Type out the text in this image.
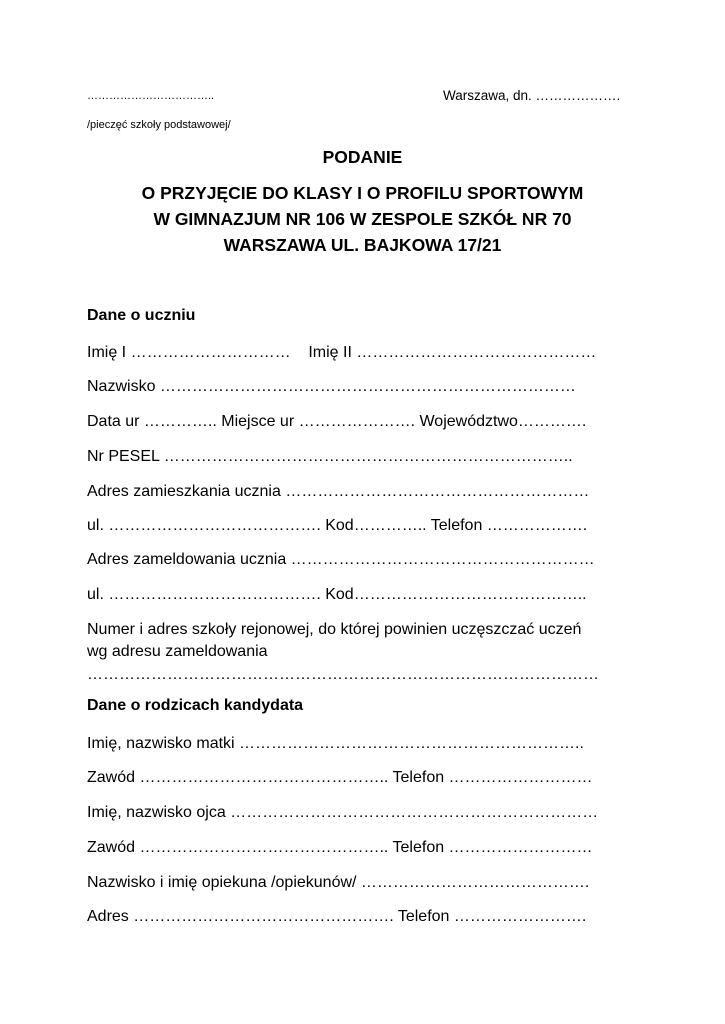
……………………………..	Warszawa, dn. ……………….
/pieczęć szkoły podstawowej/
PODANIE
O PRZYJĘCIE DO KLASY I O PROFILU SPORTOWYM
W GIMNAZJUM NR 106 W ZESPOLE SZKÓŁ NR 70
WARSZAWA UL. BAJKOWA 17/21
Dane o uczniu
Imię I ………………………… Imię II ………………………………………
Nazwisko ……………………………………………………………………
Data ur ………….. Miejsce ur …………………. Województwo………….
Nr PESEL …………………………………………………………………..
Adres zamieszkania ucznia …………………………………………………
ul. …………………………………. Kod………….. Telefon ……………….
Adres zameldowania ucznia …………………………………………………
ul. …………………………………. Kod……………………………………..
Numer i adres szkoły rejonowej, do której powinien uczęszczać uczeń
wg adresu zameldowania
……………………………………………………………………………………
Dane o rodzicach kandydata
Imię, nazwisko matki ………………………………………………………..
Zawód ……………………………………….. Telefon ………………………
Imię, nazwisko ojca ……………………………………………………………
Zawód ……………………………………….. Telefon ………………………
Nazwisko i imię opiekuna /opiekunów/ …………………………………….
Adres …………………………………………. Telefon …………………….
